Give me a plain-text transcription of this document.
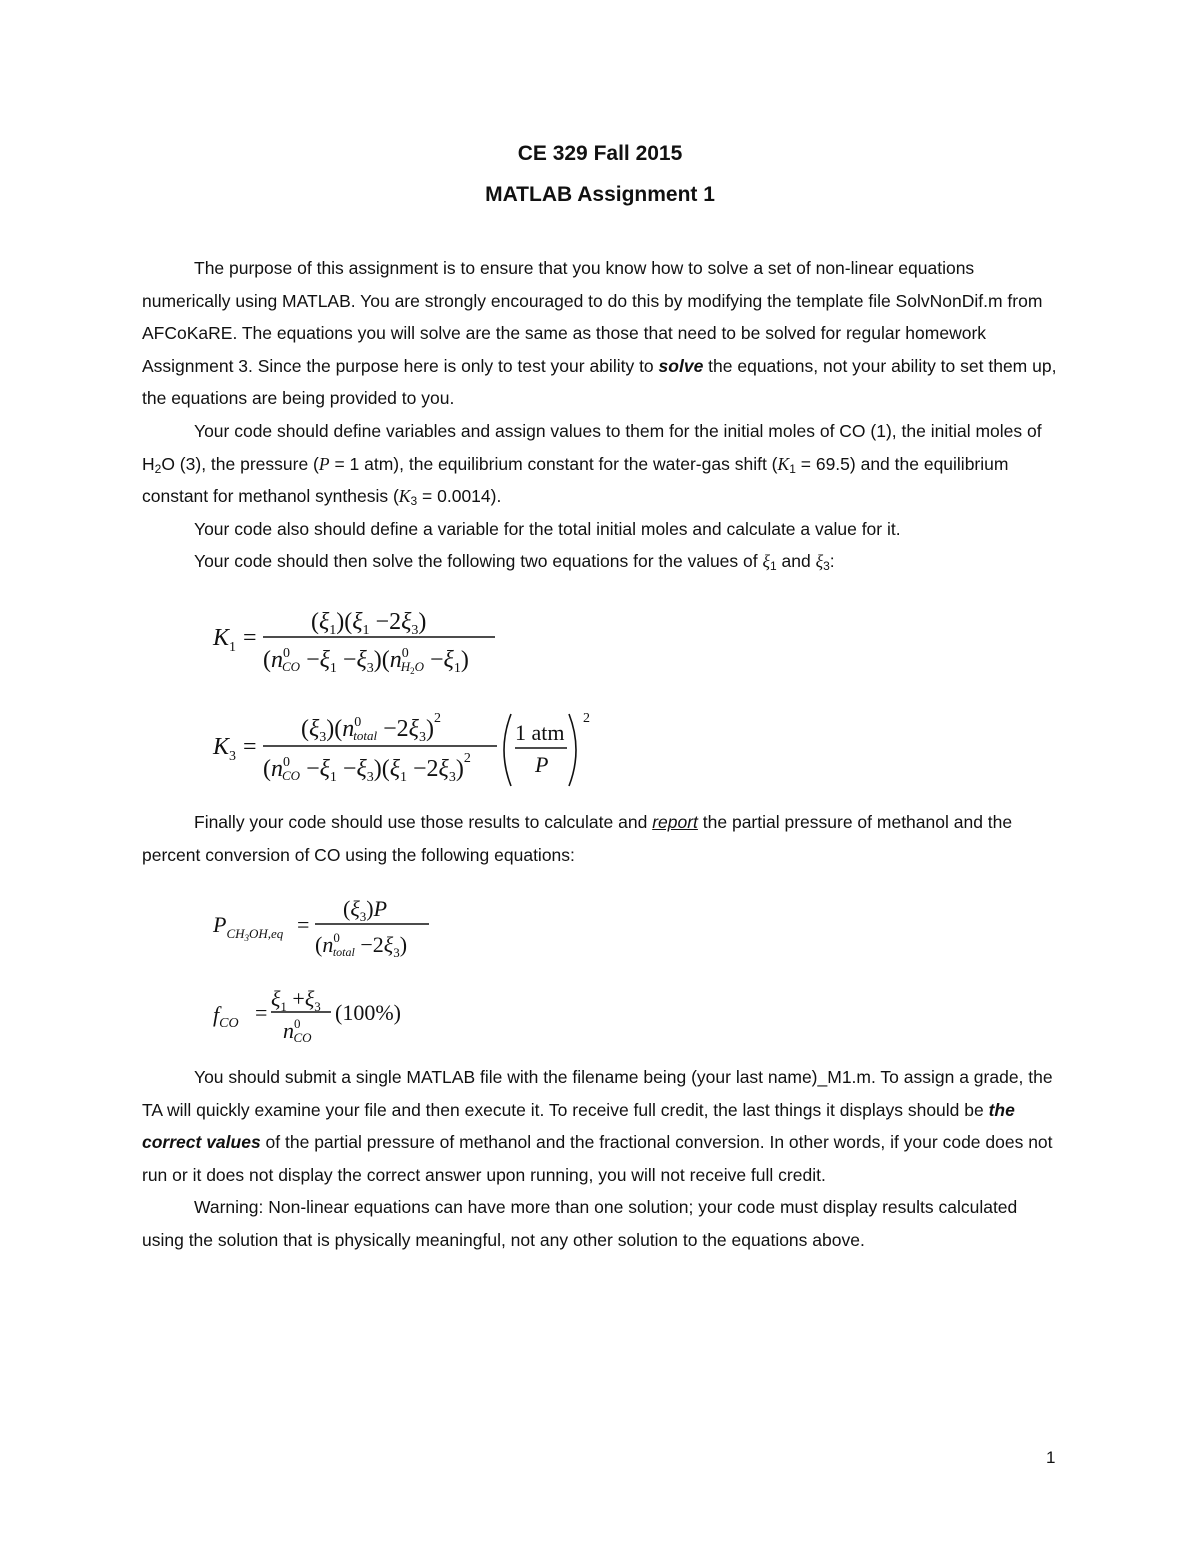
CE 329 Fall 2015
MATLAB Assignment 1

The purpose of this assignment is to ensure that you know how to solve a set of non-linear equations numerically using MATLAB. You are strongly encouraged to do this by modifying the template file SolvNonDif.m from AFCoKaRE. The equations you will solve are the same as those that need to be solved for regular homework Assignment 3. Since the purpose here is only to test your ability to solve the equations, not your ability to set them up, the equations are being provided to you.

Your code should define variables and assign values to them for the initial moles of CO (1), the initial moles of $H_2O$ (3), the pressure (P = 1 atm), the equilibrium constant for the water-gas shift $(K_1 = 69.5)$ and the equilibrium constant for methanol synthesis $(K_3 = 0.0014)$.

Your code also should define a variable for the total initial moles and calculate a value for it.

Your code should then solve the following two equations for the values of $\xi_1$ and $\xi_3$:

K 1 =
$(\xi_1)(\xi_1 -2\xi_3)$
($n^0$ CO $-\xi_1 -\xi_3)(n^0$ $H2O -\xi_1$)
K 3 =
$(\xi_3)(n^0$ total $-2\xi_3)^2$
($n^0$ CO $-\xi_1 -\xi_3)(\xi_1 -2\xi_3)^2$
1 atm
P
2

Finally your code should use those results to calculate and report the partial pressure of methanol and the percent conversion of CO using the following equations:

$P_{CH}3OH,eq$ =
$(\xi_3)P$
($n^0$ total $-2\xi_3$)
$f_{CO}$ =
$\xi_1 +\xi_3$
$n^0$ CO
(100%)

You should submit a single MATLAB file with the filename being (your last name)_M1.m. To assign a grade, the TA will quickly examine your file and then execute it. To receive full credit, the last things it displays should be the correct values of the partial pressure of methanol and the fractional conversion. In other words, if your code does not run or it does not display the correct answer upon running, you will not receive full credit.

Warning: Non-linear equations can have more than one solution; your code must display results calculated using the solution that is physically meaningful, not any other solution to the equations above.

1
